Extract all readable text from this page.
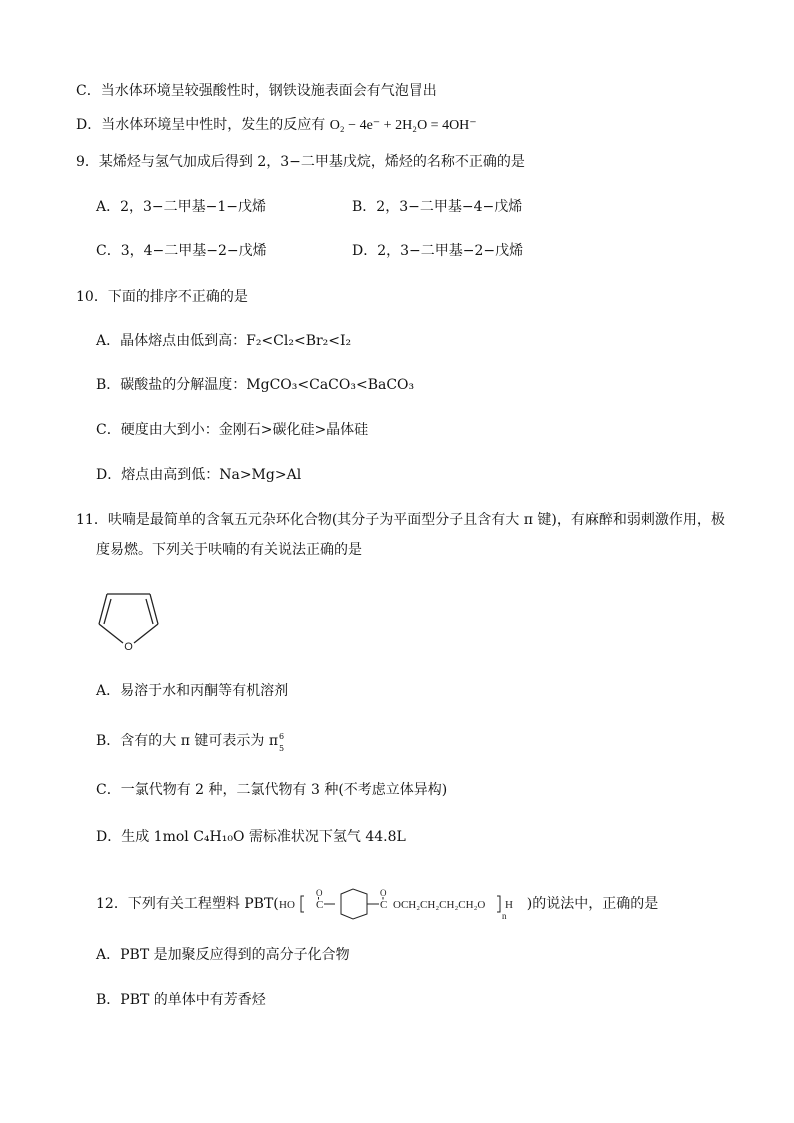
C．当水体环境呈较强酸性时，钢铁设施表面会有气泡冒出
D．当水体环境呈中性时，发生的反应有 O₂ − 4e⁻ + 2H₂O = 4OH⁻
9．某烯烃与氢气加成后得到 2，3−二甲基戊烷，烯烃的名称不正确的是
A．2，3−二甲基−1−戊烯	B．2，3−二甲基−4−戊烯
C．3，4−二甲基−2−戊烯	D．2，3−二甲基−2−戊烯
10．下面的排序不正确的是
A．晶体熔点由低到高：F₂<Cl₂<Br₂<I₂
B．碳酸盐的分解温度：MgCO₃<CaCO₃<BaCO₃
C．硬度由大到小：金刚石>碳化硅>晶体硅
D．熔点由高到低：Na>Mg>Al
11．呋喃是最简单的含氧五元杂环化合物(其分子为平面型分子且含有大 π 键)，有麻醉和弱刺激作用，极
度易燃。下列关于呋喃的有关说法正确的是
O
A．易溶于水和丙酮等有机溶剂
B．含有的大 π 键可表示为 π 6
5
C．一氯代物有 2 种，二氯代物有 3 种(不考虑立体异构)
D．生成 1mol C₄H₁₀O 需标准状况下氢气 44.8L
12．下列有关工程塑料 PBT( HO C
O
C
O
OCH₂CH₂CH₂CH₂O H
n
)的说法中，正确的是
A．PBT 是加聚反应得到的高分子化合物
B．PBT 的单体中有芳香烃
